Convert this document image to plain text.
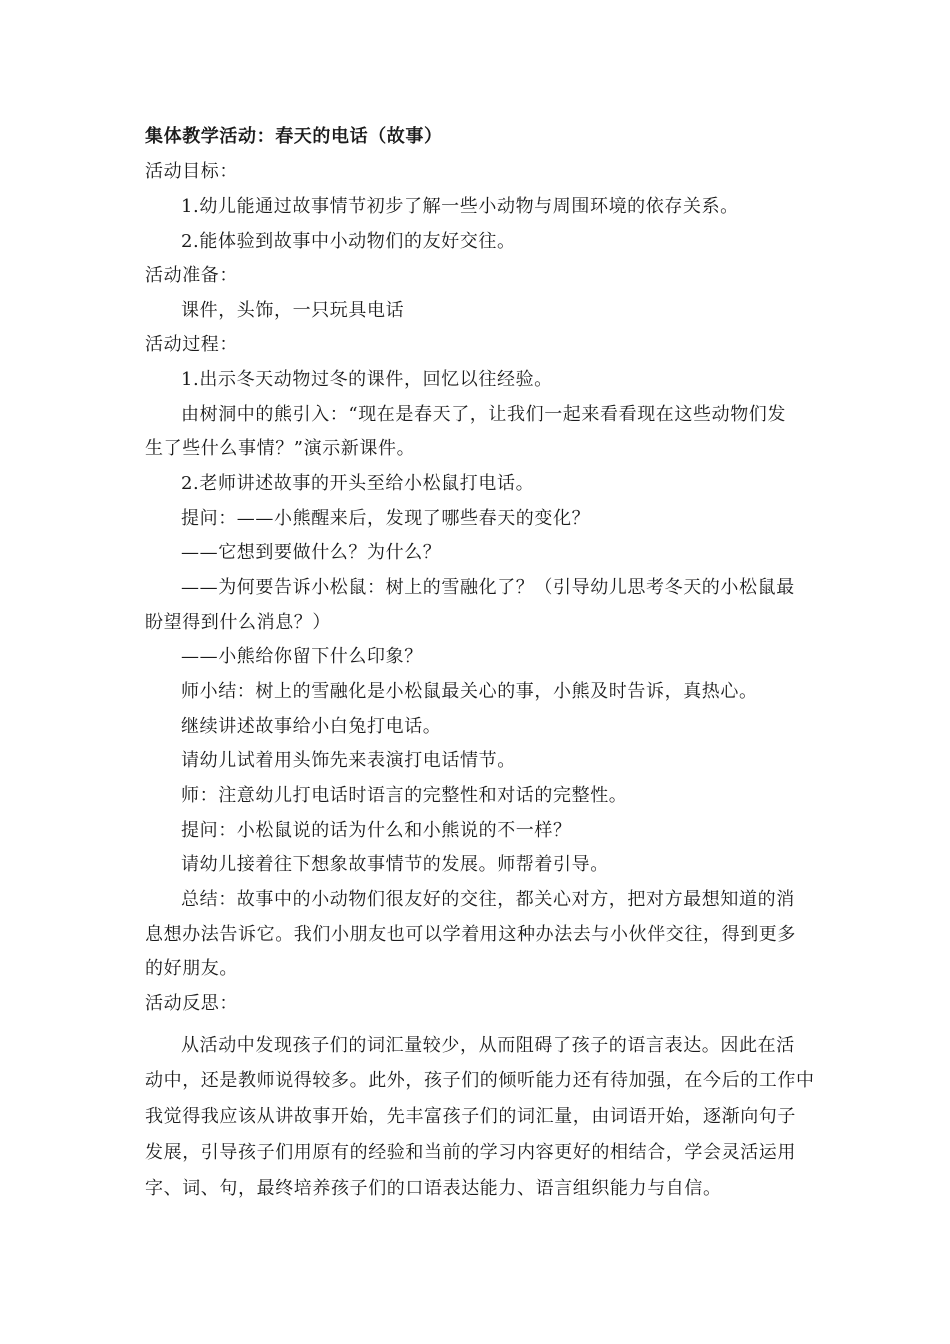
集体教学活动：春天的电话（故事）
活动目标：
1.幼儿能通过故事情节初步了解一些小动物与周围环境的依存关系。
2.能体验到故事中小动物们的友好交往。
活动准备：
课件，头饰，一只玩具电话
活动过程：
1.出示冬天动物过冬的课件，回忆以往经验。
由树洞中的熊引入：“现在是春天了，让我们一起来看看现在这些动物们发
生了些什么事情？”演示新课件。
2.老师讲述故事的开头至给小松鼠打电话。
提问：——小熊醒来后，发现了哪些春天的变化？
——它想到要做什么？为什么？
——为何要告诉小松鼠：树上的雪融化了？（引导幼儿思考冬天的小松鼠最
盼望得到什么消息？）
——小熊给你留下什么印象？
师小结：树上的雪融化是小松鼠最关心的事，小熊及时告诉，真热心。
继续讲述故事给小白兔打电话。
请幼儿试着用头饰先来表演打电话情节。
师：注意幼儿打电话时语言的完整性和对话的完整性。
提问：小松鼠说的话为什么和小熊说的不一样？
请幼儿接着往下想象故事情节的发展。师帮着引导。
总结：故事中的小动物们很友好的交往，都关心对方，把对方最想知道的消
息想办法告诉它。我们小朋友也可以学着用这种办法去与小伙伴交往，得到更多
的好朋友。
活动反思：
从活动中发现孩子们的词汇量较少，从而阻碍了孩子的语言表达。因此在活
动中，还是教师说得较多。此外，孩子们的倾听能力还有待加强，在今后的工作中
我觉得我应该从讲故事开始，先丰富孩子们的词汇量，由词语开始，逐渐向句子
发展，引导孩子们用原有的经验和当前的学习内容更好的相结合，学会灵活运用
字、词、句，最终培养孩子们的口语表达能力、语言组织能力与自信。
